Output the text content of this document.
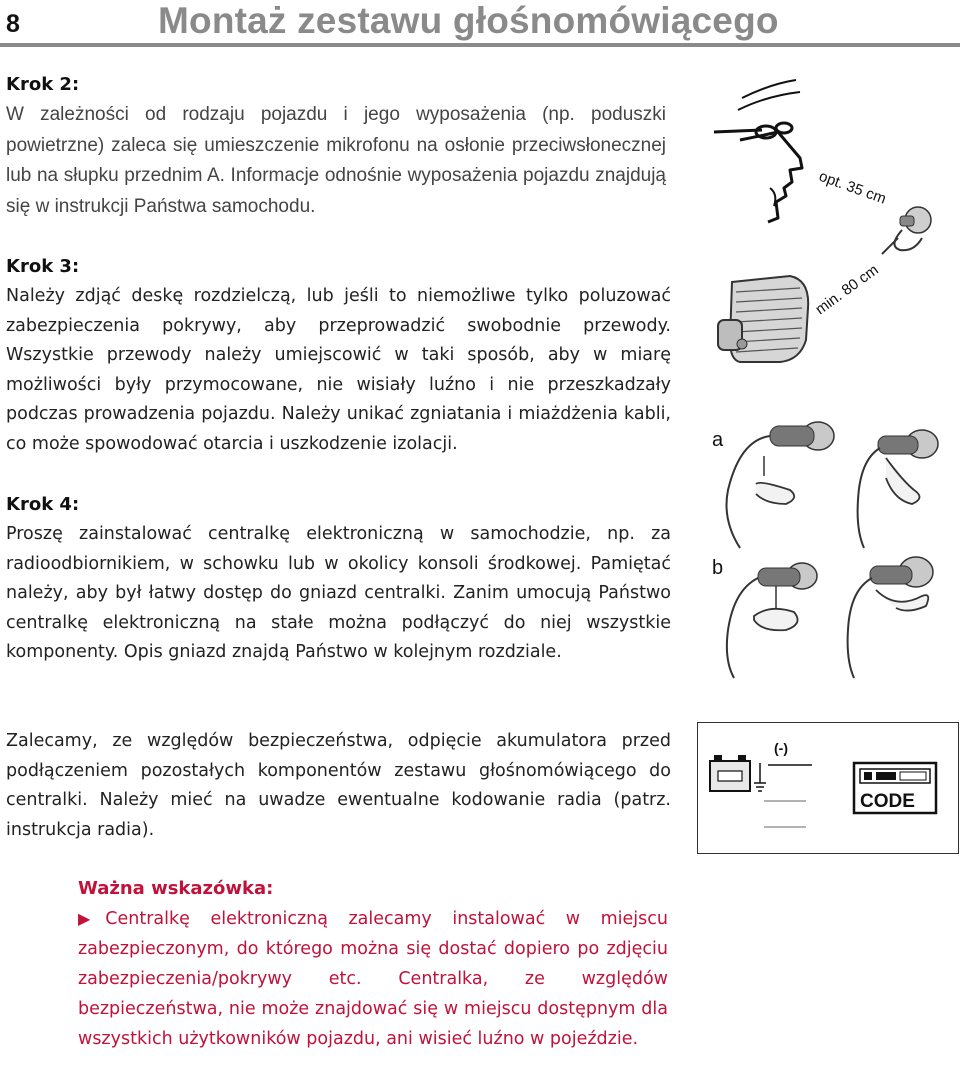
8	Montaż zestawu głośnomówiącego

Krok 2:

W zależności od rodzaju pojazdu i jego wyposażenia (np. poduszki powietrzne) zaleca się umieszczenie mikrofonu na osłonie przeciwsłonecznej lub na słupku przednim A. Informacje odnośnie wyposażenia pojazdu znajdują się w instrukcji Państwa samochodu.

Krok 3:

Należy zdjąć deskę rozdzielczą, lub jeśli to niemożliwe tylko poluzować zabezpieczenia pokrywy, aby przeprowadzić swobodnie przewody. Wszystkie przewody należy umiejscowić w taki sposób, aby w miarę możliwości były przymocowane, nie wisiały luźno i nie przeszkadzały podczas prowadzenia pojazdu. Należy unikać zgniatania i miażdżenia kabli, co może spowodować otarcia i uszkodzenie izolacji.

Krok 4:

Proszę zainstalować centralkę elektroniczną w samochodzie, np. za radioodbiornikiem, w schowku lub w okolicy konsoli środkowej. Pamiętać należy, aby był łatwy dostęp do gniazd centralki. Zanim umocują Państwo centralkę elektroniczną na stałe można podłączyć do niej wszystkie komponenty. Opis gniazd znajdą Państwo w kolejnym rozdziale.

Zalecamy, ze względów bezpieczeństwa, odpięcie akumulatora przed podłączeniem pozostałych komponentów zestawu głośnomówiącego do centralki. Należy mieć na uwadze ewentualne kodowanie radia (patrz. instrukcja radia).

Ważna wskazówka:
▶Centralkę elektroniczną zalecamy instalować w miejscu zabezpieczonym, do którego można się dostać dopiero po zdjęciu zabezpieczenia/pokrywy etc. Centralka, ze względów bezpieczeństwa, nie może znajdować się w miejscu dostępnym dla wszystkich użytkowników pojazdu, ani wisieć luźno w pojeździe.
opt. 35 cm
min. 80 cm
a
b
(-)
CODE
